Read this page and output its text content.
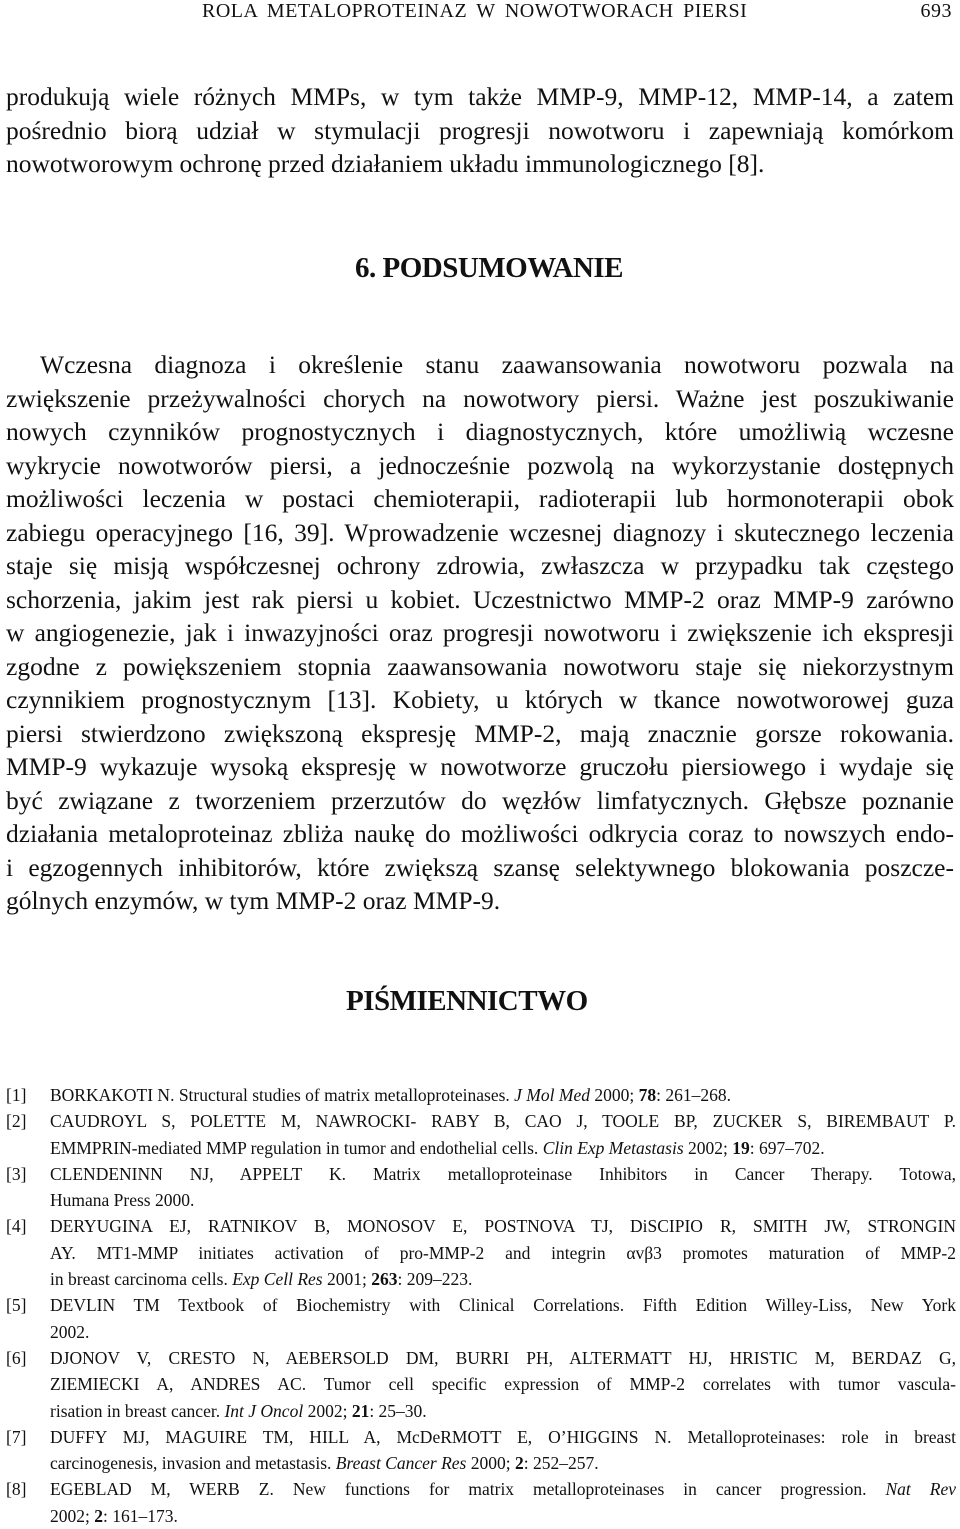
ROLA METALOPROTEINAZ W NOWOTWORACH PIERSI	693

produkują wiele różnych MMPs, w tym także MMP-9, MMP-12, MMP-14, a zatem
pośrednio biorą udział w stymulacji progresji nowotworu i zapewniają komórkom
nowotworowym ochronę przed działaniem układu immunologicznego [8].

6. PODSUMOWANIE

Wczesna diagnoza i określenie stanu zaawansowania nowotworu pozwala na
zwiększenie przeżywalności chorych na nowotwory piersi. Ważne jest poszukiwanie
nowych czynników prognostycznych i diagnostycznych, które umożliwią wczesne
wykrycie nowotworów piersi, a jednocześnie pozwolą na wykorzystanie dostępnych
możliwości leczenia w postaci chemioterapii, radioterapii lub hormonoterapii obok
zabiegu operacyjnego [16, 39]. Wprowadzenie wczesnej diagnozy i skutecznego leczenia
staje się misją współczesnej ochrony zdrowia, zwłaszcza w przypadku tak częstego
schorzenia, jakim jest rak piersi u kobiet. Uczestnictwo MMP-2 oraz MMP-9 zarówno
w angiogenezie, jak i inwazyjności oraz progresji nowotworu i zwiększenie ich ekspresji
zgodne z powiększeniem stopnia zaawansowania nowotworu staje się niekorzystnym
czynnikiem prognostycznym [13]. Kobiety, u których w tkance nowotworowej guza
piersi stwierdzono zwiększoną ekspresję MMP-2, mają znacznie gorsze rokowania.
MMP-9 wykazuje wysoką ekspresję w nowotworze gruczołu piersiowego i wydaje się
być związane z tworzeniem przerzutów do węzłów limfatycznych. Głębsze poznanie
działania metaloproteinaz zbliża naukę do możliwości odkrycia coraz to nowszych endo-
i egzogennych inhibitorów, które zwiększą szansę selektywnego blokowania poszcze-
gólnych enzymów, w tym MMP-2 oraz MMP-9.

PIŚMIENNICTWO
[1] BORKAKOTI N. Structural studies of matrix metalloproteinases. J Mol Med 2000; 78: 261–268.
[2] CAUDROYL S, POLETTE M, NAWROCKI- RABY B, CAO J, TOOLE BP, ZUCKER S, BIREMBAUT P.
EMMPRIN-mediated MMP regulation in tumor and endothelial cells. Clin Exp Metastasis 2002; 19: 697–702.
[3] CLENDENINN NJ, APPELT K. Matrix metalloproteinase Inhibitors in Cancer Therapy. Totowa,
Humana Press 2000.
[4] DERYUGINA EJ, RATNIKOV B, MONOSOV E, POSTNOVA TJ, DiSCIPIO R, SMITH JW, STRONGIN
AY. MT1-MMP initiates activation of pro-MMP-2 and integrin αvβ3 promotes maturation of MMP-2
in breast carcinoma cells. Exp Cell Res 2001; 263: 209–223.
[5] DEVLIN TM Textbook of Biochemistry with Clinical Correlations. Fifth Edition Willey-Liss, New York
2002.
[6] DJONOV V, CRESTO N, AEBERSOLD DM, BURRI PH, ALTERMATT HJ, HRISTIC M, BERDAZ G,
ZIEMIECKI A, ANDRES AC. Tumor cell specific expression of MMP-2 correlates with tumor vascula-
risation in breast cancer. Int J Oncol 2002; 21: 25–30.
[7] DUFFY MJ, MAGUIRE TM, HILL A, McDeRMOTT E, O’HIGGINS N. Metalloproteinases: role in breast
carcinogenesis, invasion and metastasis. Breast Cancer Res 2000; 2: 252–257.
[8] EGEBLAD M, WERB Z. New functions for matrix metalloproteinases in cancer progression. Nat Rev
2002; 2: 161–173.
